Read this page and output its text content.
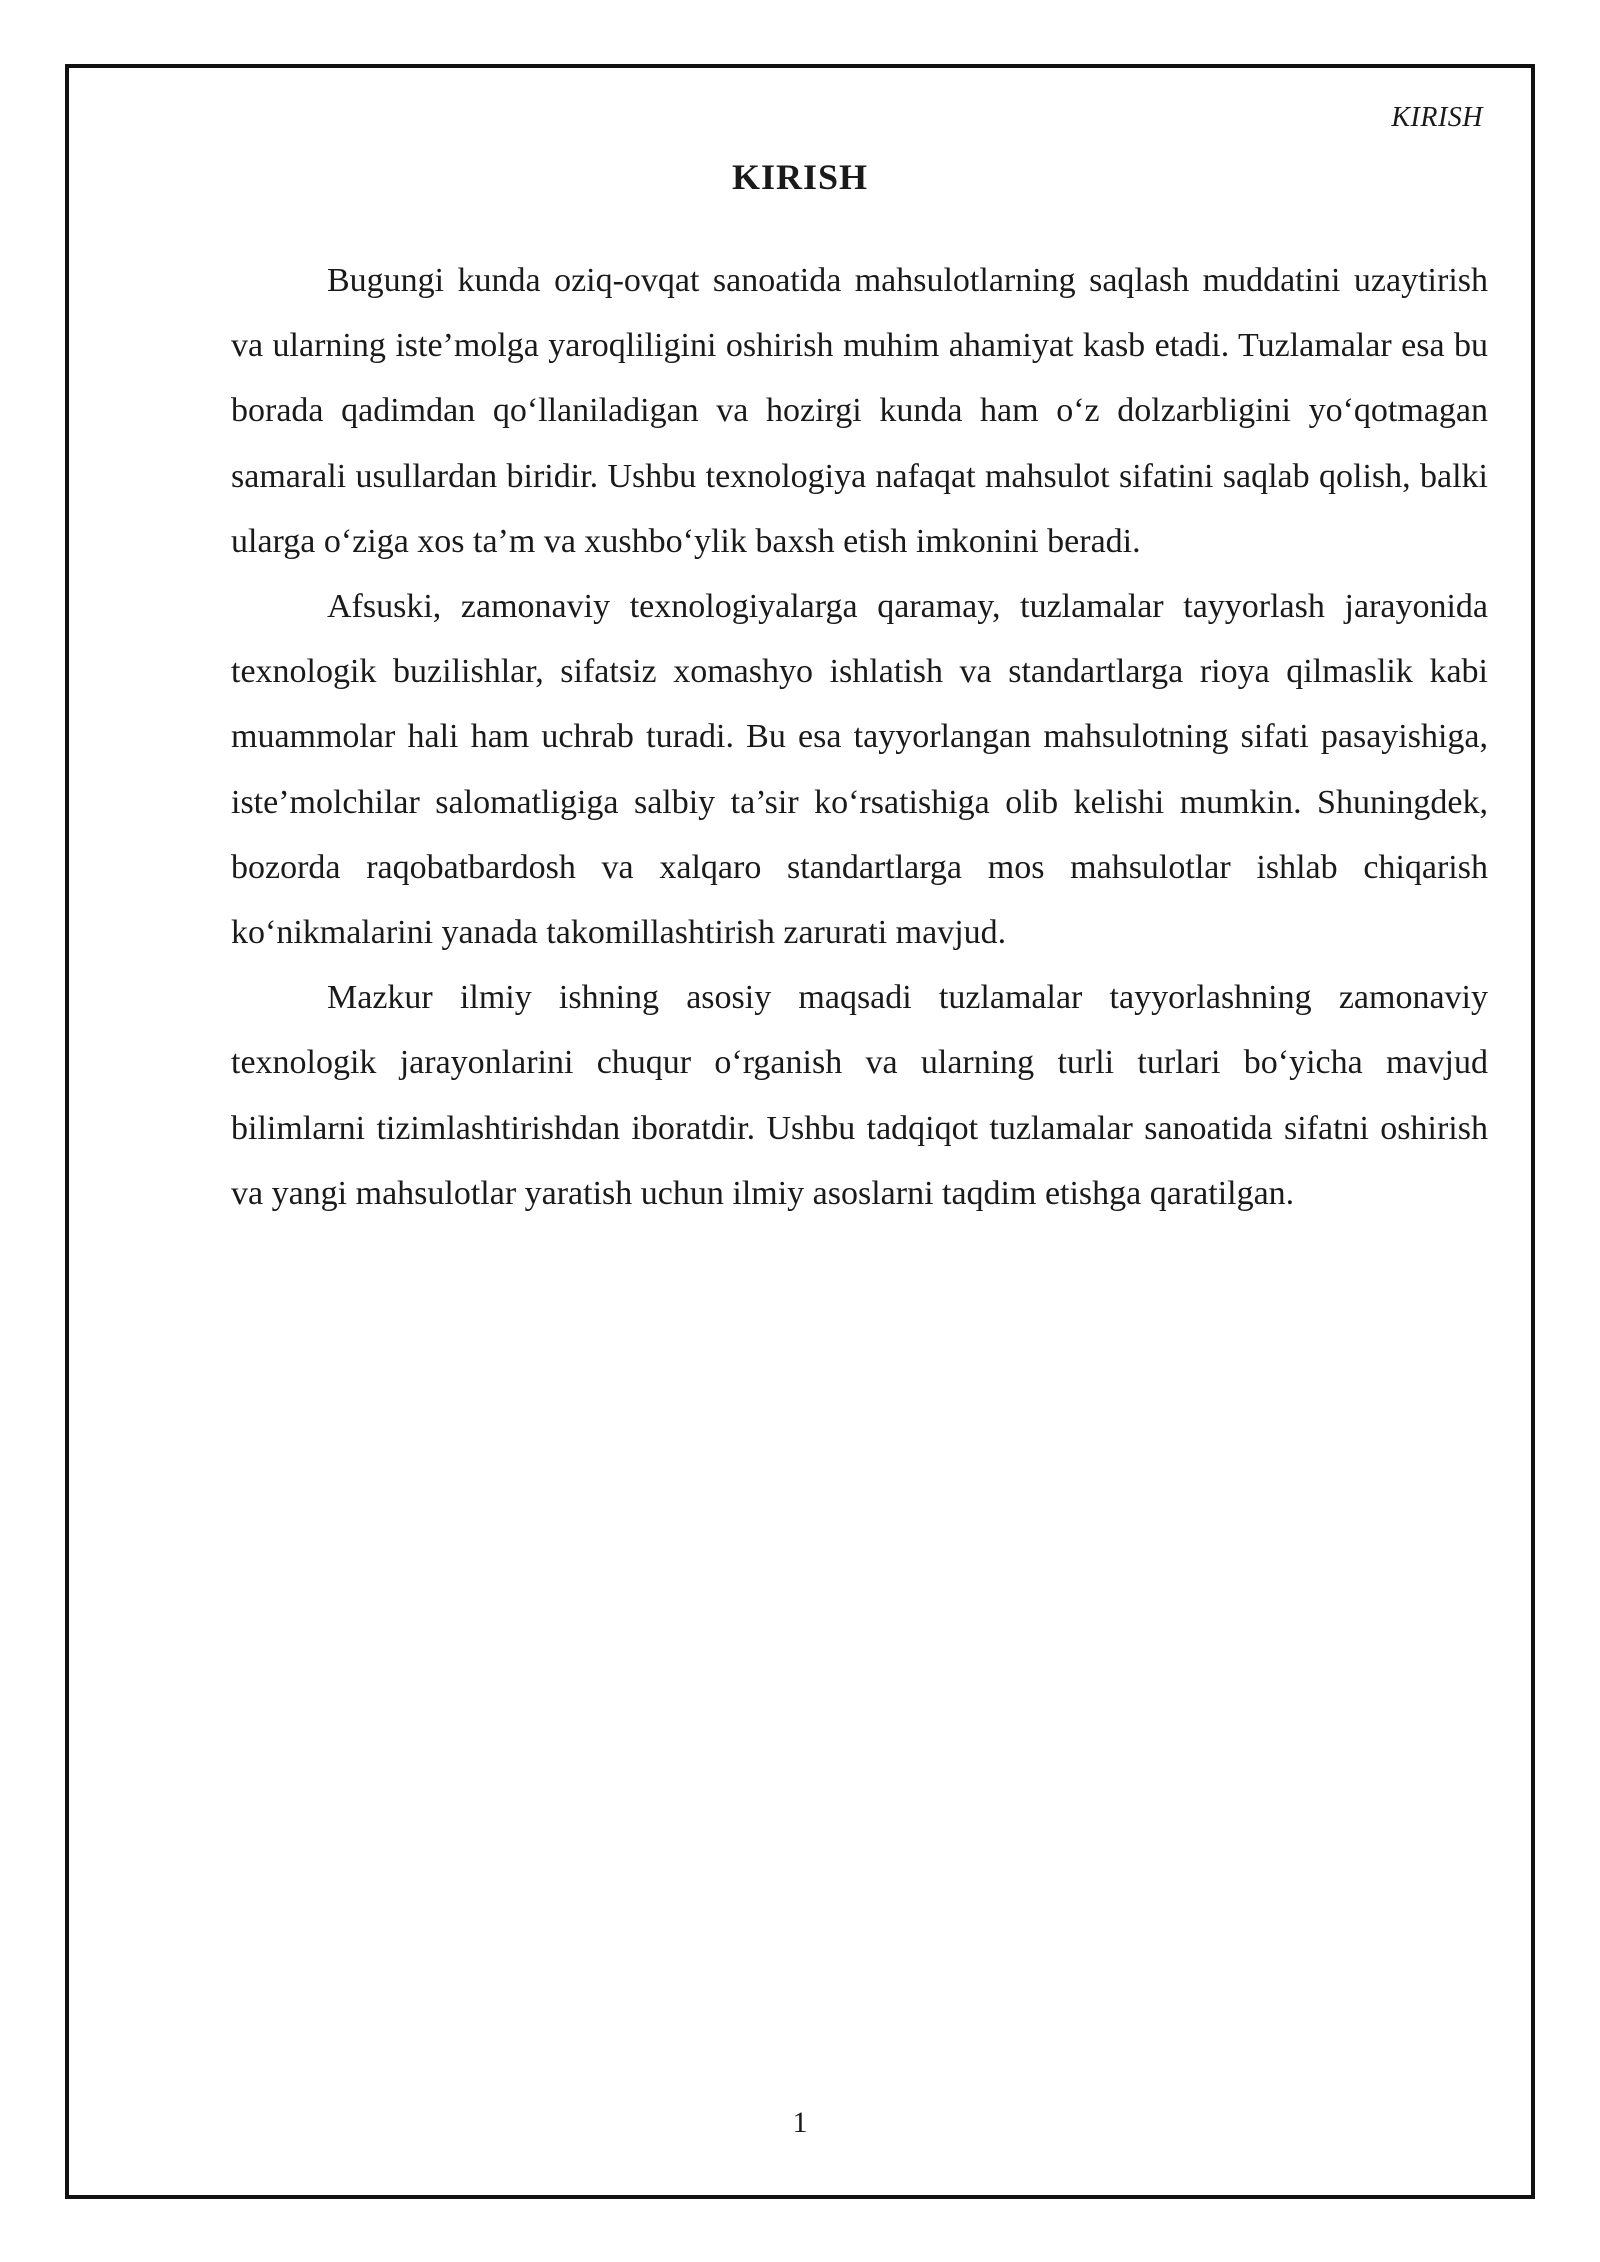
KIRISH
KIRISH

Bugungi kunda oziq-ovqat sanoatida mahsulotlarning saqlash muddatini uzaytirish va ularning iste’molga yaroqliligini oshirish muhim ahamiyat kasb etadi. Tuzlamalar esa bu borada qadimdan qo‘llaniladigan va hozirgi kunda ham o‘z dolzarbligini yo‘qotmagan samarali usullardan biridir. Ushbu texnologiya nafaqat mahsulot sifatini saqlab qolish, balki ularga o‘ziga xos ta’m va xushbo‘ylik baxsh etish imkonini beradi.

Afsuski, zamonaviy texnologiyalarga qaramay, tuzlamalar tayyorlash jarayonida texnologik buzilishlar, sifatsiz xomashyo ishlatish va standartlarga rioya qilmaslik kabi muammolar hali ham uchrab turadi. Bu esa tayyorlangan mahsulotning sifati pasayishiga, iste’molchilar salomatligiga salbiy ta’sir ko‘rsatishiga olib kelishi mumkin. Shuningdek, bozorda raqobatbardosh va xalqaro standartlarga mos mahsulotlar ishlab chiqarish ko‘nikmalarini yanada takomillashtirish zarurati mavjud.

Mazkur ilmiy ishning asosiy maqsadi tuzlamalar tayyorlashning zamonaviy texnologik jarayonlarini chuqur o‘rganish va ularning turli turlari bo‘yicha mavjud bilimlarni tizimlashtirishdan iboratdir. Ushbu tadqiqot tuzlamalar sanoatida sifatni oshirish va yangi mahsulotlar yaratish uchun ilmiy asoslarni taqdim etishga qaratilgan.

1
